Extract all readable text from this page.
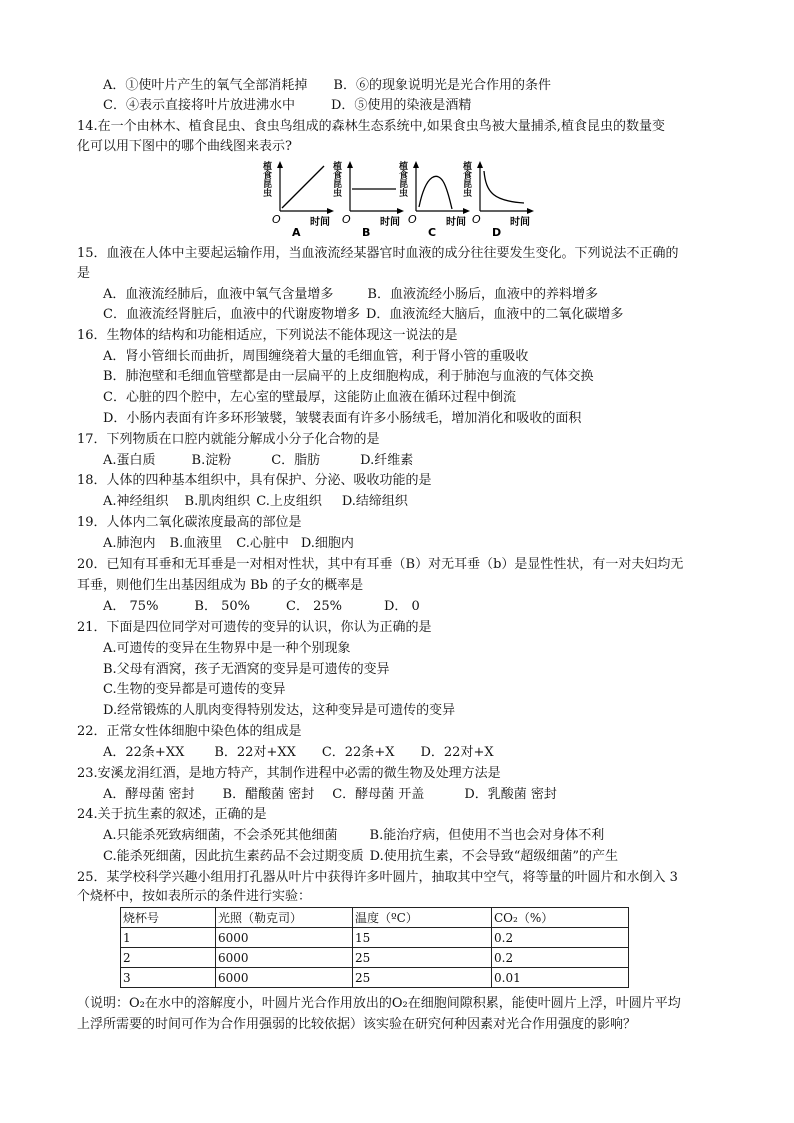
A．①使叶片产生的氧气全部消耗掉 B．⑥的现象说明光是光合作用的条件
C．④表示直接将叶片放进沸水中	D．⑤使用的染液是酒精
14.在一个由林木、植食昆虫、食虫鸟组成的森林生态系统中,如果食虫鸟被大量捕杀,植食昆虫的数量变
化可以用下图中的哪个曲线图来表示?
O	时间
A
O	时间
B
O	时间
C
O	时间
D
植食昆虫
植食昆虫
植食昆虫
植食昆虫
15．血液在人体中主要起运输作用，当血液流经某器官时血液的成分往往要发生变化。下列说法不正确的
是
A．血液流经肺后，血液中氧气含量增多	B．血液流经小肠后，血液中的养料增多
C．血液流经肾脏后，血液中的代谢废物增多 D．血液流经大脑后，血液中的二氧化碳增多
16．生物体的结构和功能相适应，下列说法不能体现这一说法的是
A．肾小管细长而曲折，周围缠绕着大量的毛细血管，利于肾小管的重吸收
B．肺泡壁和毛细血管壁都是由一层扁平的上皮细胞构成，利于肺泡与血液的气体交换
C．心脏的四个腔中，左心室的壁最厚，这能防止血液在循环过程中倒流
D．小肠内表面有许多环形皱襞，皱襞表面有许多小肠绒毛，增加消化和吸收的面积
17．下列物质在口腔内就能分解成小分子化合物的是
A.蛋白质	B.淀粉	C．脂肪	D.纤维素
18．人体的四种基本组织中，具有保护、分泌、吸收功能的是
A.神经组织 B.肌肉组织 C.上皮组织 D.结缔组织
19．人体内二氧化碳浓度最高的部位是
A.肺泡内 B.血液里 C.心脏中 D.细胞内
20．已知有耳垂和无耳垂是一对相对性状，其中有耳垂（B）对无耳垂（b）是显性性状，有一对夫妇均无
耳垂，则他们生出基因组成为 Bb 的子女的概率是
A． 75%	B． 50%	C． 25%	D． 0
21．下面是四位同学对可遗传的变异的认识，你认为正确的是
A.可遗传的变异在生物界中是一种个别现象
B.父母有酒窝，孩子无酒窝的变异是可遗传的变异
C.生物的变异都是可遗传的变异
D.经常锻炼的人肌肉变得特别发达，这种变异是可遗传的变异
22．正常女性体细胞中染色体的组成是
A．22条+XX B．22对+XX C．22条+X D．22对+X
23.安溪龙涓红酒，是地方特产，其制作进程中必需的微生物及处理方法是
A．酵母菌 密封 B．醋酸菌 密封 C．酵母菌 开盖	D．乳酸菌 密封
24.关于抗生素的叙述，正确的是
A.只能杀死致病细菌，不会杀死其他细菌 B.能治疗病，但使用不当也会对身体不利
C.能杀死细菌，因此抗生素药品不会过期变质 D.使用抗生素，不会导致“超级细菌”的产生
25．某学校科学兴趣小组用打孔器从叶片中获得许多叶圆片，抽取其中空气，将等量的叶圆片和水倒入 3
个烧杯中，按如表所示的条件进行实验：
烧杯号	光照（勒克司）	温度（ºC）	CO₂（%）
1	6000	15	0.2
2	6000	25	0.2
3	6000	25	0.01
（说明：O₂在水中的溶解度小，叶圆片光合作用放出的O₂在细胞间隙积累，能使叶圆片上浮，叶圆片平均
上浮所需要的时间可作为合作用强弱的比较依据）该实验在研究何种因素对光合作用强度的影响？
